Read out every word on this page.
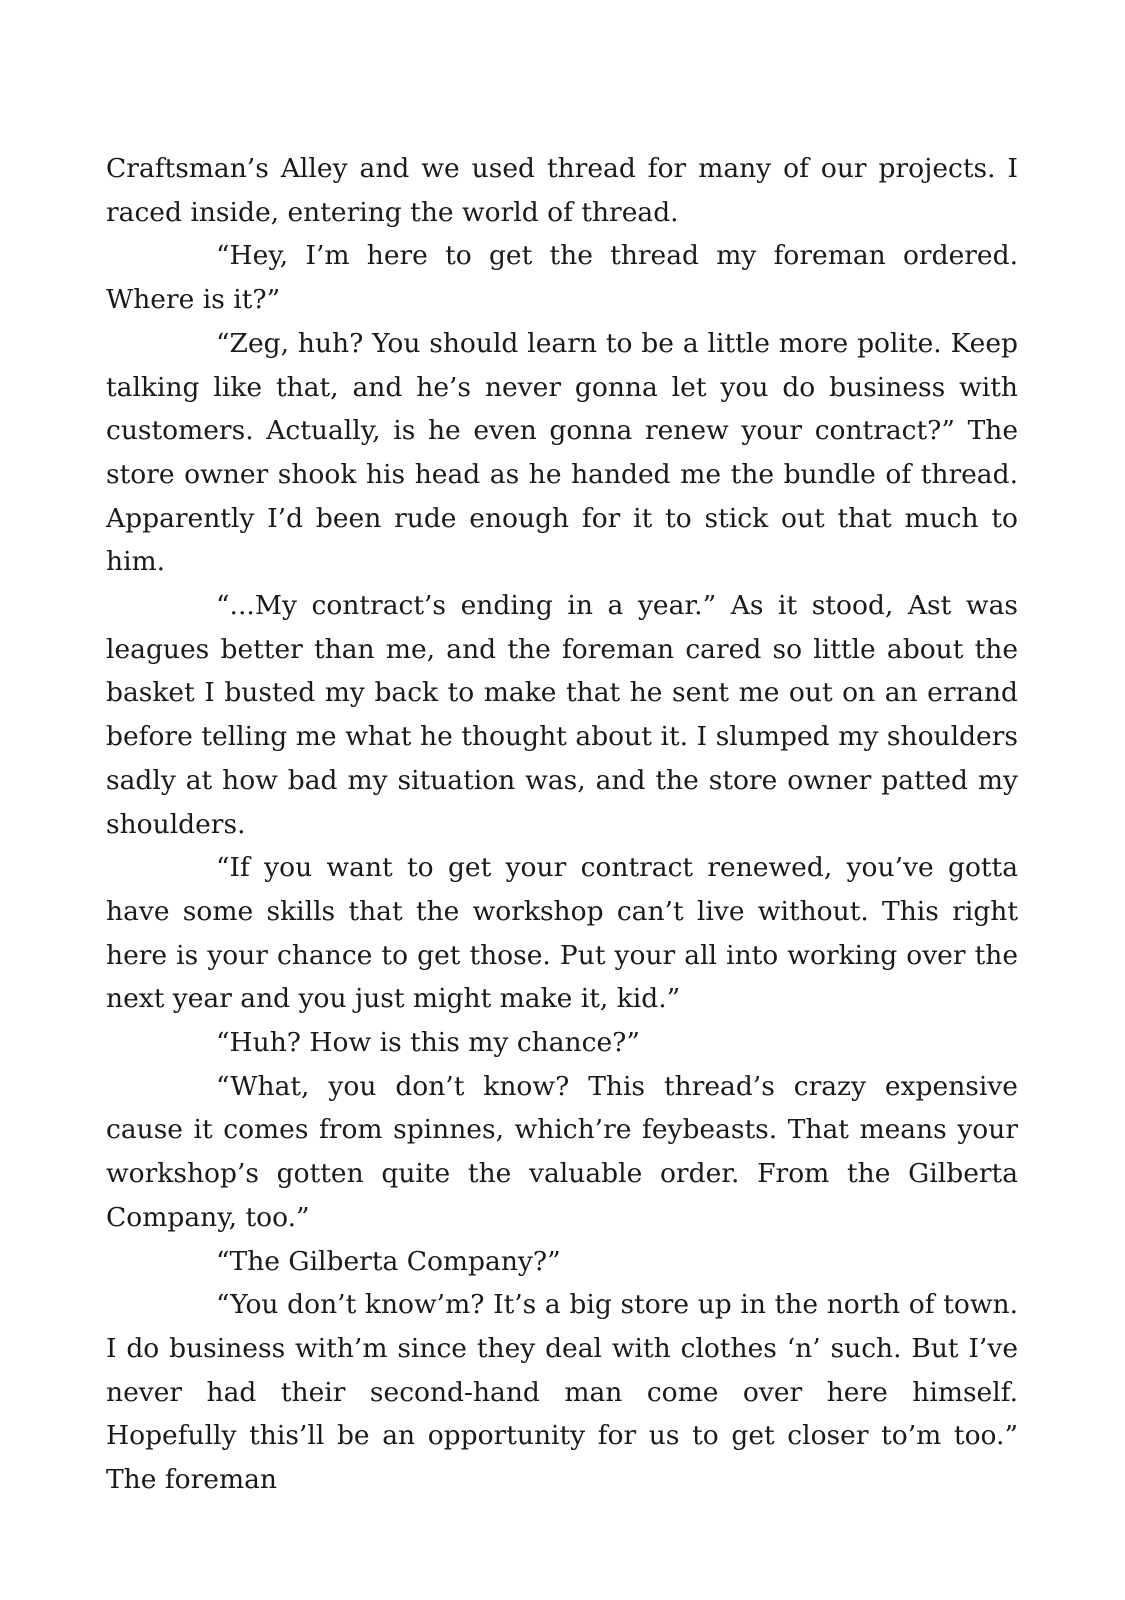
Craftsman’s Alley and we used thread for many of our projects. I raced inside, entering the world of thread.

“Hey, I’m here to get the thread my foreman ordered. Where is it?”

“Zeg, huh? You should learn to be a little more polite. Keep talking like that, and he’s never gonna let you do business with customers. Actually, is he even gonna renew your contract?” The store owner shook his head as he handed me the bundle of thread. Apparently I’d been rude enough for it to stick out that much to him.

“...My contract’s ending in a year.” As it stood, Ast was leagues better than me, and the foreman cared so little about the basket I busted my back to make that he sent me out on an errand before telling me what he thought about it. I slumped my shoulders sadly at how bad my situation was, and the store owner patted my shoulders.

“If you want to get your contract renewed, you’ve gotta have some skills that the workshop can’t live without. This right here is your chance to get those. Put your all into working over the next year and you just might make it, kid.”

“Huh? How is this my chance?”

“What, you don’t know? This thread’s crazy expensive cause it comes from spinnes, which’re feybeasts. That means your workshop’s gotten quite the valuable order. From the Gilberta Company, too.”

“The Gilberta Company?”

“You don’t know’m? It’s a big store up in the north of town. I do business with’m since they deal with clothes ‘n’ such. But I’ve never had their second-hand man come over here himself. Hopefully this’ll be an opportunity for us to get closer to’m too.” The foreman
